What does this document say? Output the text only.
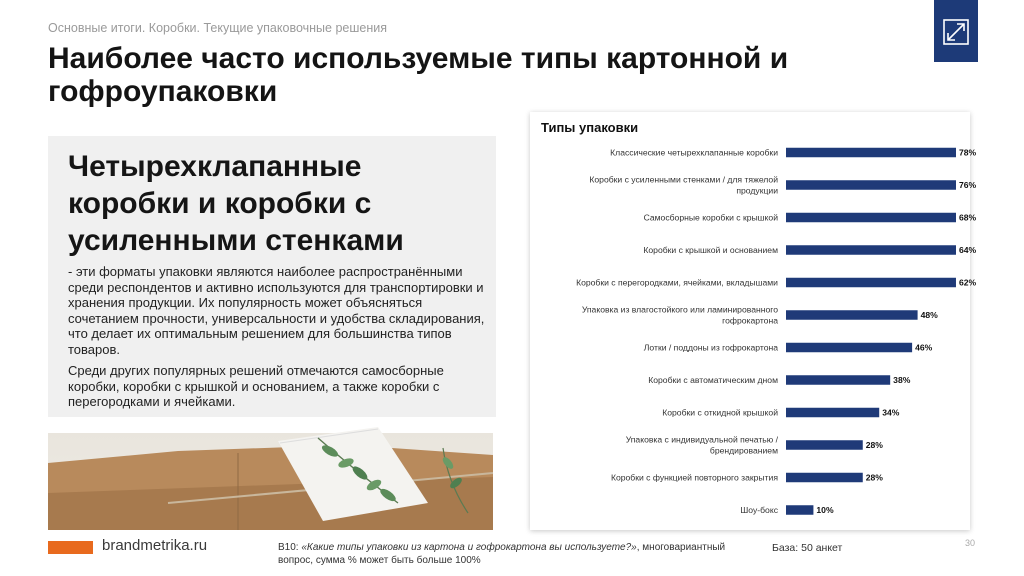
Основные итоги. Коробки. Текущие упаковочные решения
Наиболее часто используемые типы картонной и гофроупаковки
Четырехклапанные коробки и коробки с усиленными стенками

- эти форматы упаковки являются наиболее распространёнными среди респондентов и активно используются для транспортировки и хранения продукции. Их популярность может объясняться сочетанием прочности, универсальности и удобства складирования, что делает их оптимальным решением для большинства типов товаров.

Среди других популярных решений отмечаются самосборные коробки, коробки с крышкой и основанием, а также коробки с перегородками и ячейками.

Типы упаковки
Классические четырехклапанные коробки	78%
Коробки с усиленными стенками / для тяжелой продукции
76%
Самосборные коробки с крышкой	68%
Коробки с крышкой и основанием	64%
Коробки с перегородками, ячейками, вкладышами	62%
Упаковка из влагостойкого или ламинированного гофрокартона
48%
Лотки / поддоны из гофрокартона	46%
Коробки с автоматическим дном	38%
Коробки с откидной крышкой	34%
Упаковка с индивидуальной печатью / брендированием
28%
Коробки с функцией повторного закрытия	28%
Шоу-бокс	10%
brandmetrika.ru	В10: «Какие типы упаковки из картона и гофрокартона вы используете?», многовариантный вопрос, сумма % может быть больше 100%
База: 50 анкет	30
